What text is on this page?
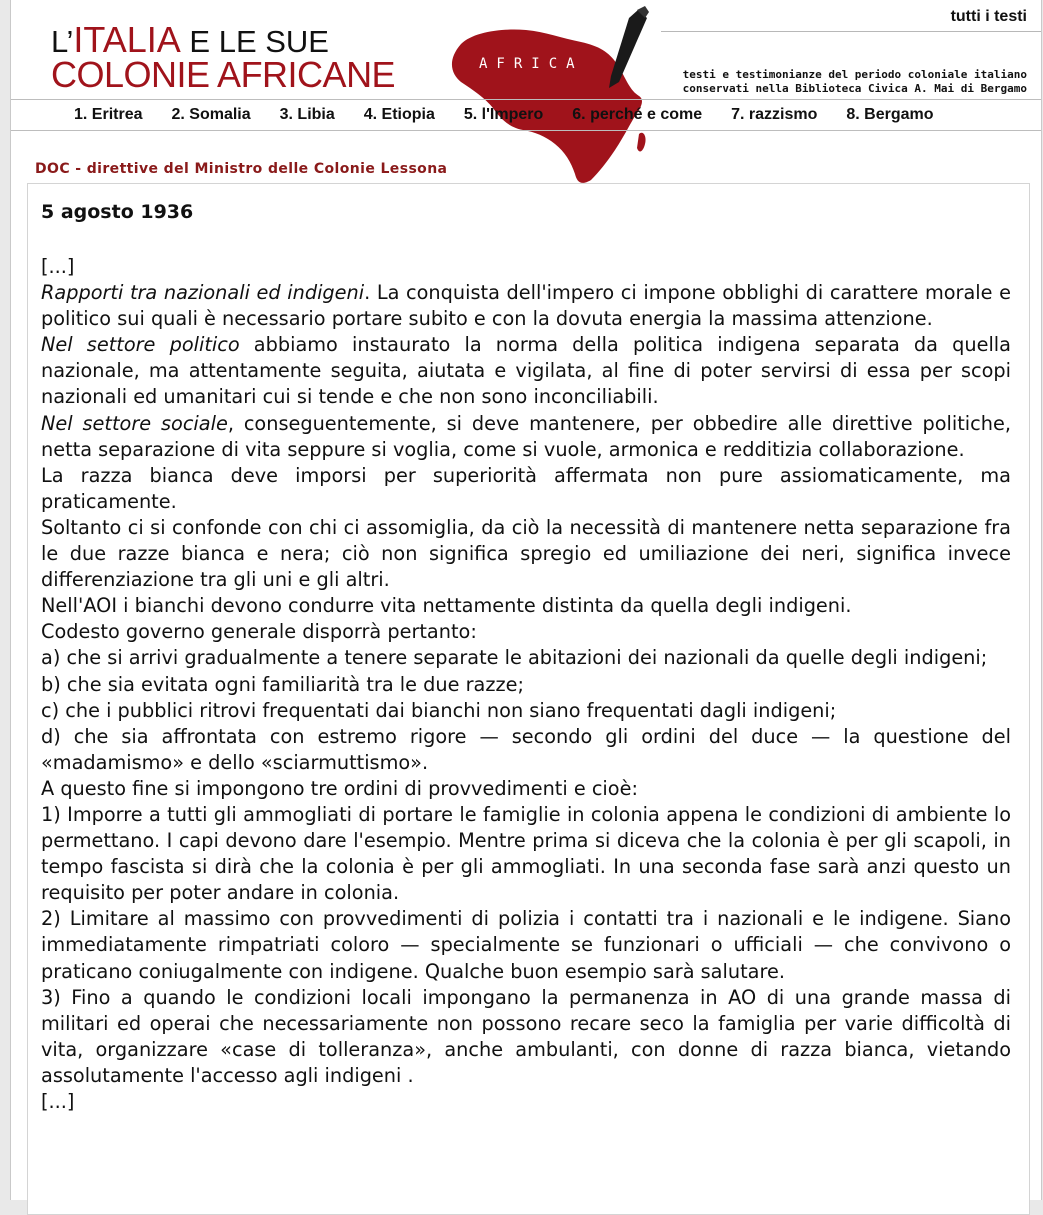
L’ITALIA E LE SUE
COLONIE AFRICANE	AFRICA
tutti i testi
testi e testimonianze del periodo coloniale italiano
conservati nella Biblioteca Civica A. Mai di Bergamo
1. Eritrea 2. Somalia 3. Libia 4. Etiopia 5. l'Impero 6. perché e come 7. razzismo 8. Bergamo
DOC - direttive del Ministro delle Colonie Lessona
5 agosto 1936

[...]

Rapporti tra nazionali ed indigeni. La conquista dell'impero ci impone obblighi di carattere morale e politico sui quali è necessario portare subito e con la dovuta energia la massima attenzione.

Nel settore politico abbiamo instaurato la norma della politica indigena separata da quella nazionale, ma attentamente seguita, aiutata e vigilata, al fine di poter servirsi di essa per scopi nazionali ed umanitari cui si tende e che non sono inconciliabili.

Nel settore sociale, conseguentemente, si deve mantenere, per obbedire alle direttive politiche, netta separazione di vita seppure si voglia, come si vuole, armonica e redditizia collaborazione.

La razza bianca deve imporsi per superiorità affermata non pure assiomaticamente, ma praticamente.

Soltanto ci si confonde con chi ci assomiglia, da ciò la necessità di mantenere netta separazione fra le due razze bianca e nera; ciò non significa spregio ed umiliazione dei neri, significa invece differenziazione tra gli uni e gli altri.

Nell'AOI i bianchi devono condurre vita nettamente distinta da quella degli indigeni.

Codesto governo generale disporrà pertanto:

a) che si arrivi gradualmente a tenere separate le abitazioni dei nazionali da quelle degli indigeni;

b) che sia evitata ogni familiarità tra le due razze;

c) che i pubblici ritrovi frequentati dai bianchi non siano frequentati dagli indigeni;

d) che sia affrontata con estremo rigore — secondo gli ordini del duce — la questione del «madamismo» e dello «sciarmuttismo».

A questo fine si impongono tre ordini di provvedimenti e cioè:

1) Imporre a tutti gli ammogliati di portare le famiglie in colonia appena le condizioni di ambiente lo permettano. I capi devono dare l'esempio. Mentre prima si diceva che la colonia è per gli scapoli, in tempo fascista si dirà che la colonia è per gli ammogliati. In una seconda fase sarà anzi questo un requisito per poter andare in colonia.

2) Limitare al massimo con provvedimenti di polizia i contatti tra i nazionali e le indigene. Siano immediatamente rimpatriati coloro — specialmente se funzionari o ufficiali — che convivono o praticano coniugalmente con indigene. Qualche buon esempio sarà salutare.

3) Fino a quando le condizioni locali impongano la permanenza in AO di una grande massa di militari ed operai che necessariamente non possono recare seco la famiglia per varie difficoltà di vita, organizzare «case di tolleranza», anche ambulanti, con donne di razza bianca, vietando assolutamente l'accesso agli indigeni .

[...]
